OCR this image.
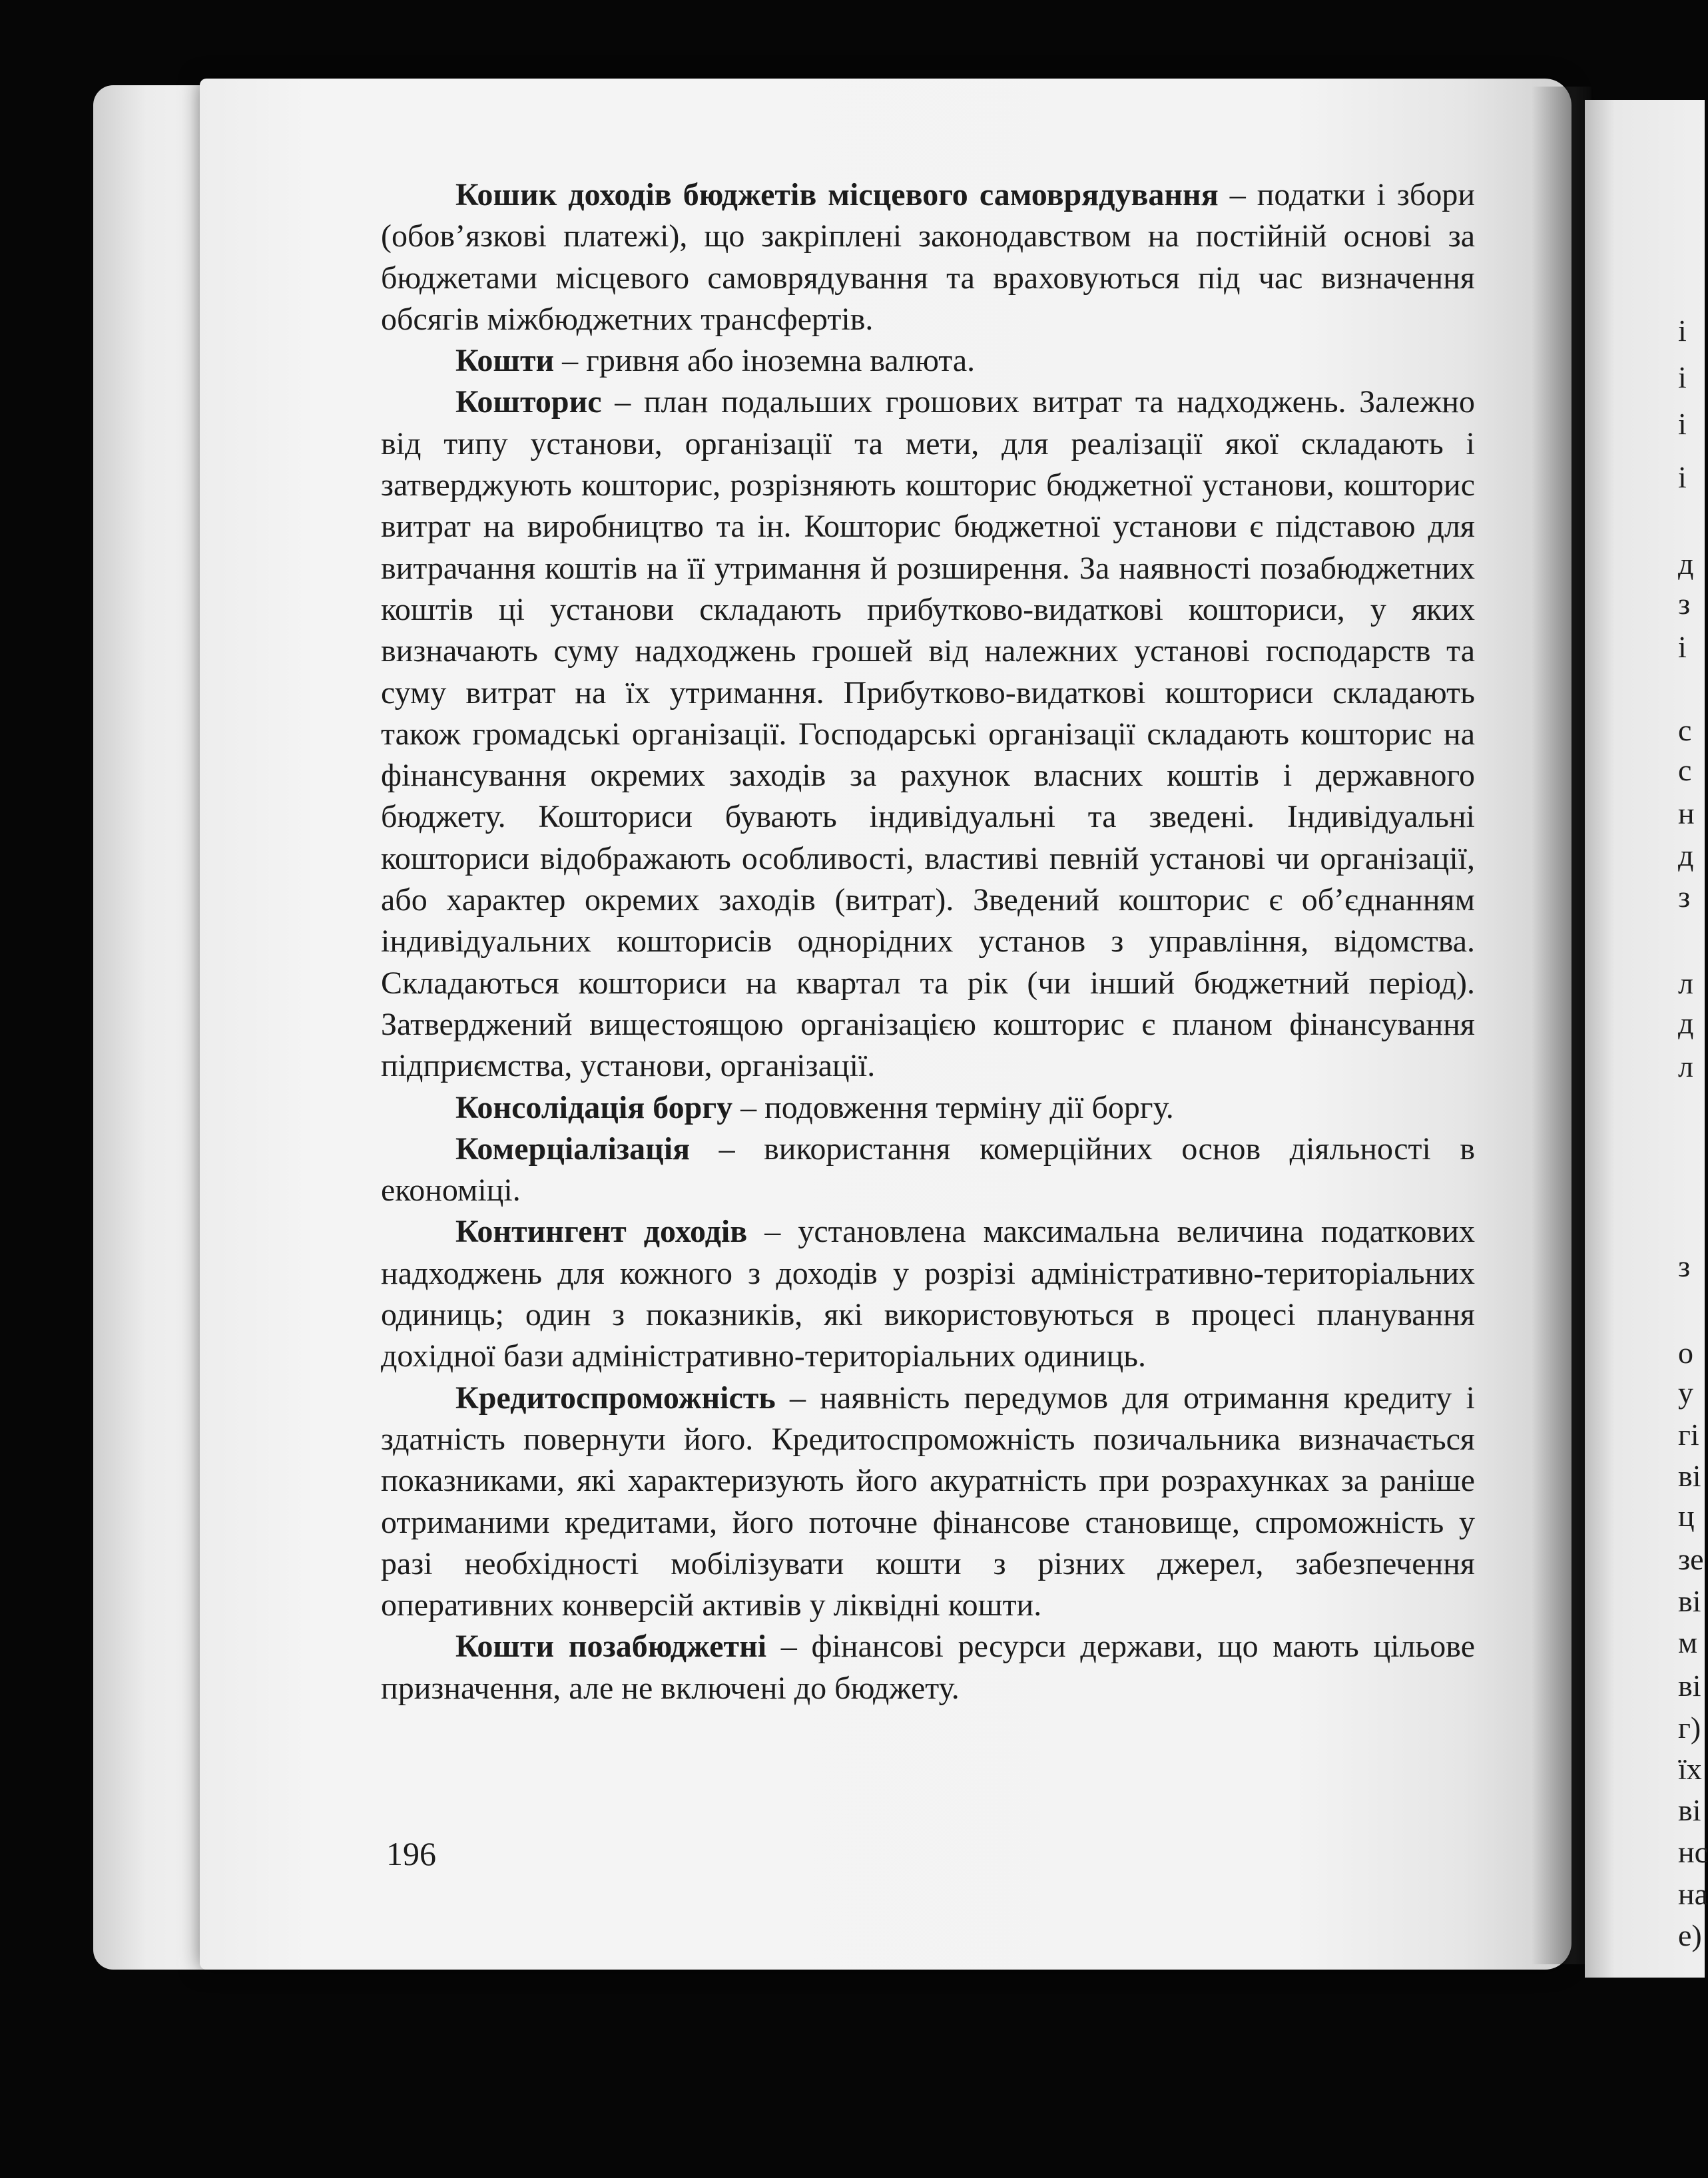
Кошик доходів бюджетів місцевого самоврядування – податки і збори (обов’язкові платежі), що закріплені законодавством на постійній основі за бюджетами місцевого самоврядування та враховуються під час визначення обсягів міжбюджетних трансфертів.

Кошти – гривня або іноземна валюта.

Кошторис – план подальших грошових витрат та надходжень. Залежно від типу установи, організації та мети, для реалізації якої складають і затверджують кошторис, розрізняють кошторис бюджетної установи, кошторис витрат на виробництво та ін. Кошторис бюджетної установи є підставою для витрачання коштів на її утримання й розширення. За наявності позабюджетних коштів ці установи складають прибутково-видаткові кошториси, у яких визначають суму надходжень грошей від належних установі господарств та суму витрат на їх утримання. Прибутково-видаткові кошториси складають також громадські організації. Господарські організації складають кошторис на фінансування окремих заходів за рахунок власних коштів і державного бюджету. Кошториси бувають індивідуальні та зведені. Індивідуальні кошториси відображають особливості, властиві певній установі чи організації, або характер окремих заходів (витрат). Зведений кошторис є об’єднанням індивідуальних кошторисів однорідних установ з управління, відомства. Складаються кошториси на квартал та рік (чи інший бюджетний період). Затверджений вищестоящою організацією кошторис є планом фінансування підприємства, установи, організації.

Консолідація боргу – подовження терміну дії боргу.

Комерціалізація – використання комерційних основ діяльності в економіці.

Контингент доходів – установлена максимальна величина податкових надходжень для кожного з доходів у розрізі адміністративно-територіальних одиниць; один з показників, які використовуються в процесі планування дохідної бази адміністративно-територіальних одиниць.

Кредитоспроможність – наявність передумов для отримання кредиту і здатність повернути його. Кредитоспроможність позичальника визначається показниками, які характеризують його акуратність при розрахунках за раніше отриманими кредитами, його поточне фінансове становище, спроможність у разі необхідності мобілізувати кошти з різних джерел, забезпечення оперативних конверсій активів у ліквідні кошти.

Кошти позабюджетні – фінансові ресурси держави, що мають цільове призначення, але не включені до бюджету.

196
і
і
і
і
д
з
і
с
с
н
д
з
л
д
л
з
о
у
гі
ві
ц
зе
ві
м
ві
г)
їх
ві
нс
на
е)
